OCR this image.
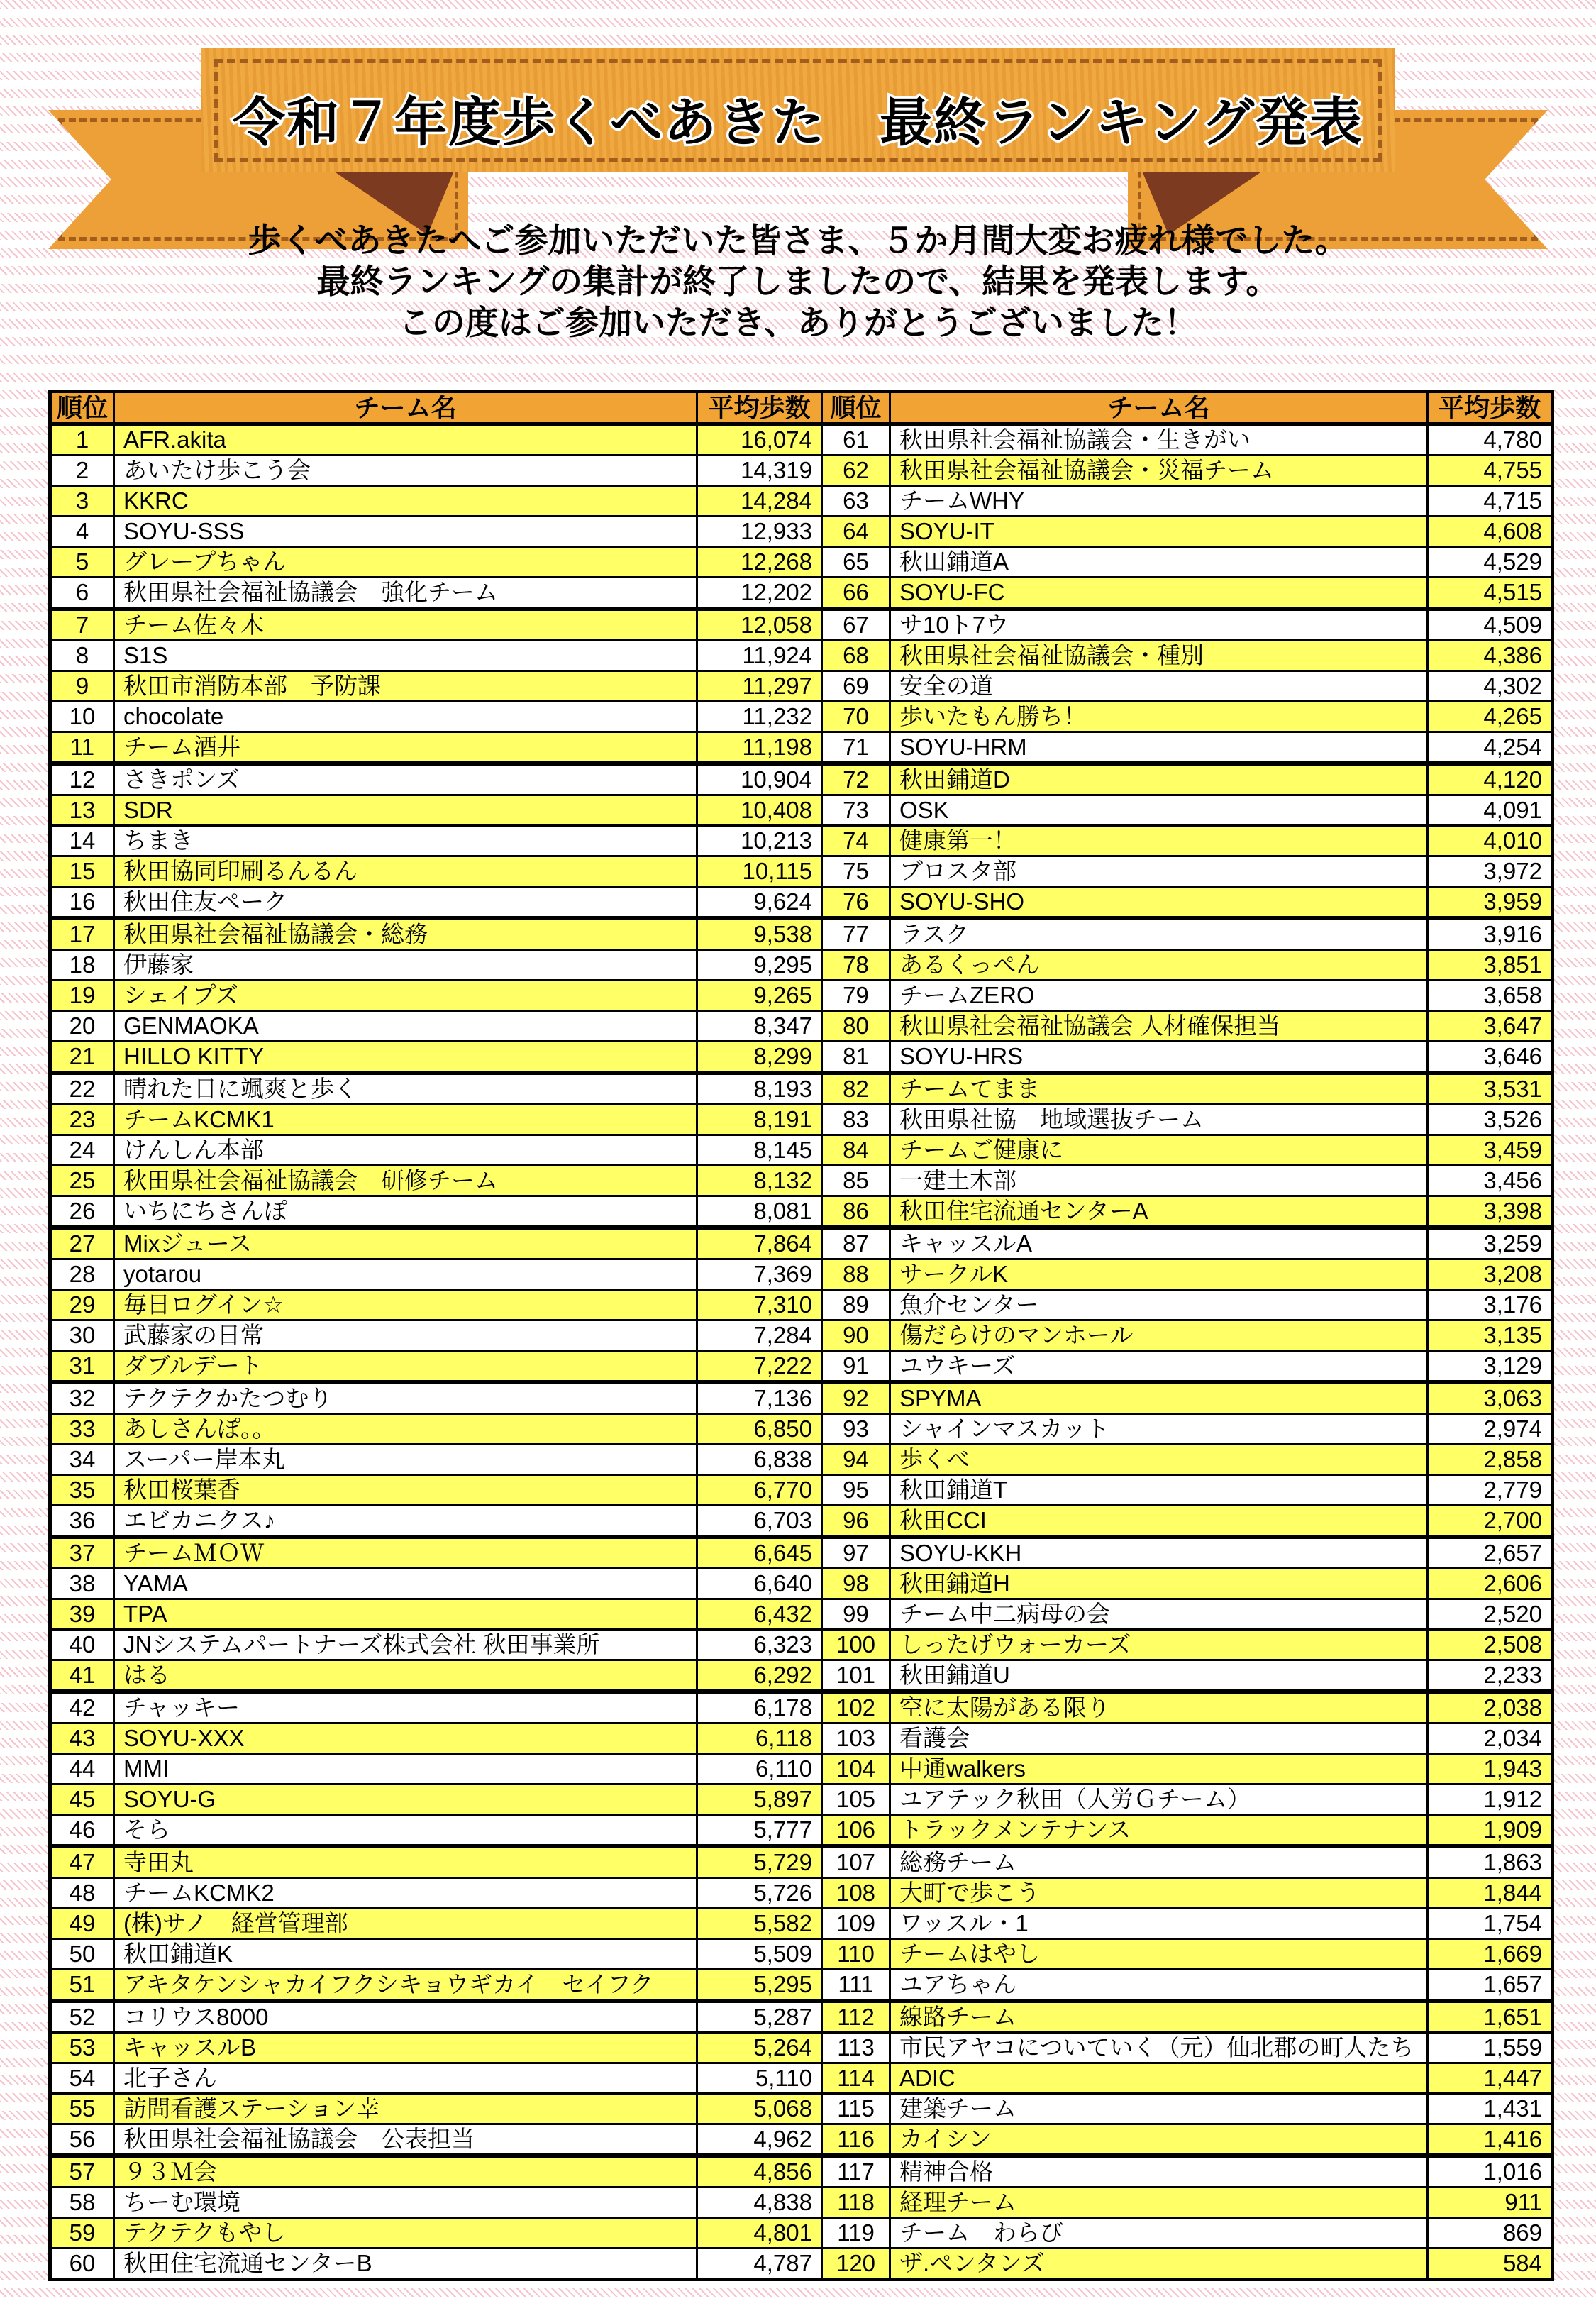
令和７年度歩くべあきた　最終ランキング発表
歩くべあきたへご参加いただいた皆さま、５か月間大変お疲れ様でした。
最終ランキングの集計が終了しましたので、結果を発表します。
この度はご参加いただき、ありがとうございました！
順位	チーム名	平均歩数	順位	チーム名	平均歩数
1	AFR.akita	16,074	61	秋田県社会福祉協議会・生きがい	4,780
2	あいたけ歩こう会	14,319	62	秋田県社会福祉協議会・災福チーム	4,755
3	KKRC	14,284	63	チームWHY	4,715
4	SOYU-SSS	12,933	64	SOYU-IT	4,608
5	グレープちゃん	12,268	65	秋田鋪道A	4,529
6	秋田県社会福祉協議会　強化チーム	12,202	66	SOYU-FC	4,515
7	チーム佐々木	12,058	67	サ10ト7ウ	4,509
8	S1S	11,924	68	秋田県社会福祉協議会・種別	4,386
9	秋田市消防本部　予防課	11,297	69	安全の道	4,302
10	chocolate	11,232	70	歩いたもん勝ち！	4,265
11	チーム酒井	11,198	71	SOYU-HRM	4,254
12	さきポンズ	10,904	72	秋田鋪道D	4,120
13	SDR	10,408	73	OSK	4,091
14	ちまき	10,213	74	健康第一！	4,010
15	秋田協同印刷るんるん	10,115	75	ブロスタ部	3,972
16	秋田住友ペーク	9,624	76	SOYU-SHO	3,959
17	秋田県社会福祉協議会・総務	9,538	77	ラスク	3,916
18	伊藤家	9,295	78	あるくっぺん	3,851
19	シェイプズ	9,265	79	チームZERO	3,658
20	GENMAOKA	8,347	80	秋田県社会福祉協議会 人材確保担当	3,647
21	HILLO KITTY	8,299	81	SOYU-HRS	3,646
22	晴れた日に颯爽と歩く	8,193	82	チームてまま	3,531
23	チームKCMK1	8,191	83	秋田県社協　地域選抜チーム	3,526
24	けんしん本部	8,145	84	チームご健康に	3,459
25	秋田県社会福祉協議会　研修チーム	8,132	85	一建土木部	3,456
26	いちにちさんぽ	8,081	86	秋田住宅流通センターA	3,398
27	Mixジュース	7,864	87	キャッスルA	3,259
28	yotarou	7,369	88	サークルK	3,208
29	毎日ログイン☆	7,310	89	魚介センター	3,176
30	武藤家の日常	7,284	90	傷だらけのマンホール	3,135
31	ダブルデート	7,222	91	ユウキーズ	3,129
32	テクテクかたつむり	7,136	92	SPYMA	3,063
33	あしさんぽ。。	6,850	93	シャインマスカット	2,974
34	スーパー岸本丸	6,838	94	歩くべ	2,858
35	秋田桜葉香	6,770	95	秋田鋪道T	2,779
36	エビカニクス♪	6,703	96	秋田CCI	2,700
37	チームＭＯＷ	6,645	97	SOYU-KKH	2,657
38	YAMA	6,640	98	秋田鋪道H	2,606
39	TPA	6,432	99	チーム中二病母の会	2,520
40	JNシステムパートナーズ株式会社 秋田事業所	6,323	100	しったげウォーカーズ	2,508
41	はる	6,292	101	秋田鋪道U	2,233
42	チャッキー	6,178	102	空に太陽がある限り	2,038
43	SOYU-XXX	6,118	103	看護会	2,034
44	MMI	6,110	104	中通walkers	1,943
45	SOYU-G	5,897	105	ユアテック秋田（人労Ｇチーム）	1,912
46	そら	5,777	106	トラックメンテナンス	1,909
47	寺田丸	5,729	107	総務チーム	1,863
48	チームKCMK2	5,726	108	大町で歩こう	1,844
49	(株)サノ　経営管理部	5,582	109	ワッスル・1	1,754
50	秋田鋪道K	5,509	110	チームはやし	1,669
51	アキタケンシャカイフクシキョウギカイ　セイフク	5,295	111	ユアちゃん	1,657
52	コリウス8000	5,287	112	線路チーム	1,651
53	キャッスルB	5,264	113	市民アヤコについていく（元）仙北郡の町人たち	1,559
54	北子さん	5,110	114	ADIC	1,447
55	訪問看護ステーション幸	5,068	115	建築チーム	1,431
56	秋田県社会福祉協議会　公表担当	4,962	116	カイシン	1,416
57	９３Ｍ会	4,856	117	精神合格	1,016
58	ちーむ環境	4,838	118	経理チーム	911
59	テクテクもやし	4,801	119	チーム　わらび	869
60	秋田住宅流通センターB	4,787	120	ザ.ペンタンズ	584
